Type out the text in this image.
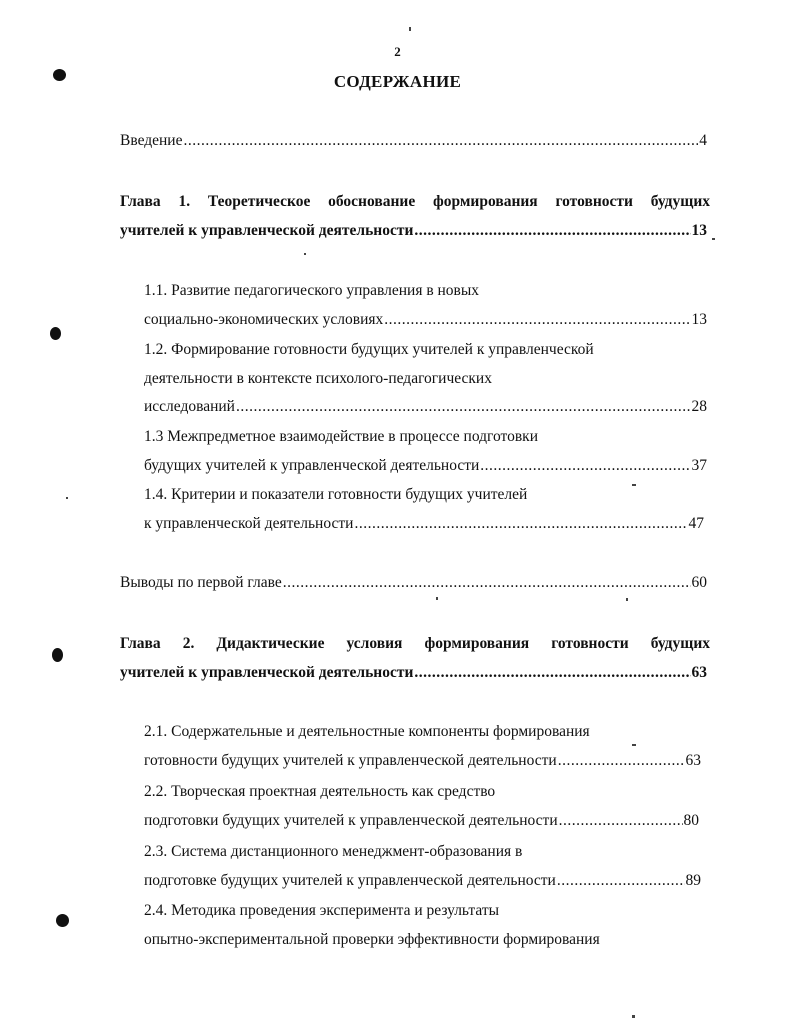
2
СОДЕРЖАНИЕ
Введение .....	4
Глава 1. Теоретическое обоснование формирования готовности будущих
учителей к управленческой деятельности .....	13
1.1. Развитие педагогического управления в новых
социально-экономических условиях .....	13
1.2. Формирование готовности будущих учителей к управленческой
деятельности в контексте психолого-педагогических
исследований .....	28
1.3 Межпредметное взаимодействие в процессе подготовки
будущих учителей к управленческой деятельности .....	37
1.4. Критерии и показатели готовности будущих учителей
к управленческой деятельности .....	47
Выводы по первой главе .....	60
Глава 2. Дидактические условия формирования готовности будущих
учителей к управленческой деятельности .....	63
2.1. Содержательные и деятельностные компоненты формирования
готовности будущих учителей к управленческой деятельности .....	63
2.2. Творческая проектная деятельность как средство
подготовки будущих учителей к управленческой деятельности .....	80
2.3. Система дистанционного менеджмент-образования в
подготовке будущих учителей к управленческой деятельности .....	89
2.4. Методика проведения эксперимента и результаты
опытно-экспериментальной проверки эффективности формирования
